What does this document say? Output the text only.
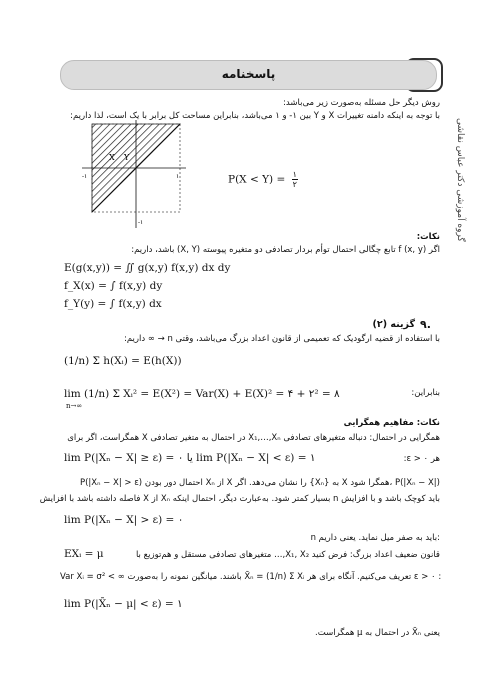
پاسخنامه
گروه آموزشی دکتر عباس نقاشی
روش دیگر حل مسئله به‌صورت زیر می‌باشد:
با توجه به اینکه دامنه تغییرات X و Y بین ۱- و ۱ می‌باشد، بنابراین مساحت کل برابر با یک است، لذا داریم:
Y
X
-۱
-۱
۱	P(X < Y) = ۱
۲
نکات:
اگر f (x, y) تابع چگالی احتمال توأم بردار تصادفی دو متغیره پیوسته (X, Y) باشد، داریم:
E(g(x,y)) = ∬ g(x,y) f(x,y) dx dy
f_X(x) = ∫ f(x,y) dy
f_Y(y) = ∫ f(x,y) dx
۹.
گزینه (۲)
با استفاده از قضیه ارگودیک که تعمیمی از قانون اعداد بزرگ می‌باشد، وقتی n → ∞ داریم:
(1/n) Σ h(Xᵢ) = E(h(X))
بنابراین:
lim (1/n) Σ Xᵢ² = E(X²) = Var(X) + E(X)² = ۴ + ۲² = ۸
n→∞
نکات: مفاهیم همگرایی
همگرایی در احتمال: دنباله متغیرهای تصادفی X₁,…,Xₙ در احتمال به متغیر تصادفی X همگراست، اگر برای
lim P(|Xₙ − X| ≥ ε) = ۰ یا lim P(|Xₙ − X| < ε) = ۱	هر ε > ۰:
P(|Xₙ − X| > ε) احتمال دور بودن Xₙ از X را نشان می‌دهد. اگر {Xₙ} به X همگرا شود، P(|Xₙ − X|)
باید کوچک باشد و با افزایش n بسیار کمتر شود. به‌عبارت دیگر، احتمال اینکه Xₙ از X فاصله داشته باشد با افزایش
lim P(|Xₙ − X| > ε) = ۰
n باید به صفر میل نماید. یعنی داریم:
قانون ضعیف اعداد بزرگ: فرض کنید X₁, X₂,… متغیرهای تصادفی مستقل و هم‌توزیع با
EXᵢ = μ
Var Xᵢ = σ² < ∞ باشند. میانگین نمونه را به‌صورت X̄ₙ = (1/n) Σ Xᵢ تعریف می‌کنیم. آنگاه برای هر ε > ۰ :
lim P(|X̄ₙ − μ| < ε) = ۱
یعنی X̄ₙ در احتمال به μ همگراست.
